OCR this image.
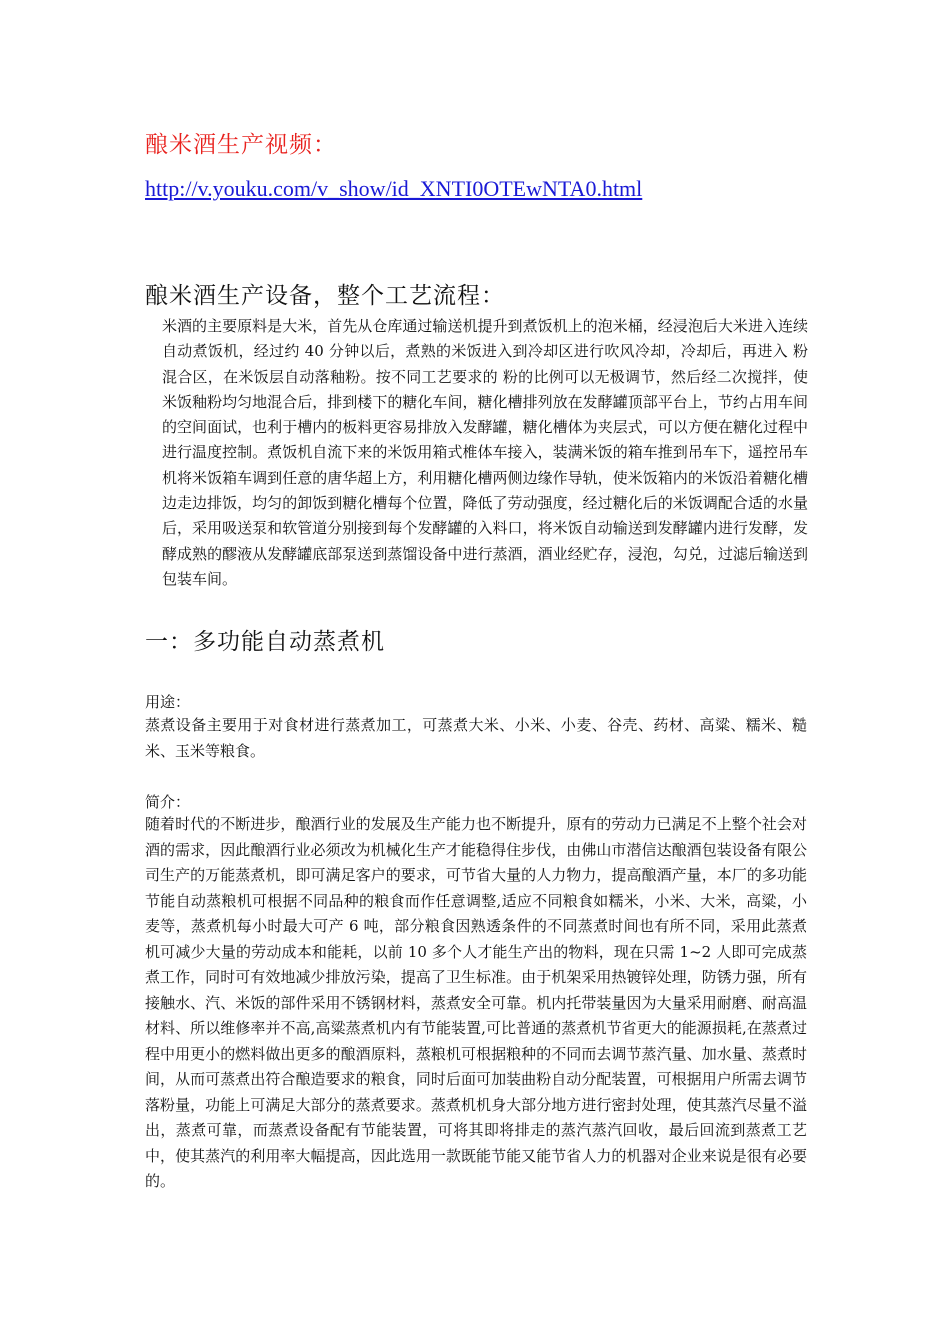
酿米酒生产视频：
http://v.youku.com/v_show/id_XNTI0OTEwNTA0.html
酿米酒生产设备，整个工艺流程：

米酒的主要原料是大米，首先从仓库通过输送机提升到煮饭机上的泡米桶，经浸泡后大米进入连续自动煮饭机，经过约 40 分钟以后，煮熟的米饭进入到冷却区进行吹风冷却，冷却后，再进入 粉混合区，在米饭层自动落釉粉。按不同工艺要求的 粉的比例可以无极调节，然后经二次搅拌，使米饭釉粉均匀地混合后，排到楼下的糖化车间，糖化槽排列放在发酵罐顶部平台上，节约占用车间的空间面试，也利于槽内的板料更容易排放入发酵罐，糖化槽体为夹层式，可以方便在糖化过程中进行温度控制。煮饭机自流下来的米饭用箱式椎体车接入，装满米饭的箱车推到吊车下，遥控吊车机将米饭箱车调到任意的唐华超上方，利用糖化槽两侧边缘作导轨，使米饭箱内的米饭沿着糖化槽边走边排饭，均匀的卸饭到糖化槽每个位置，降低了劳动强度，经过糖化后的米饭调配合适的水量后，采用吸送泵和软管道分别接到每个发酵罐的入料口，将米饭自动输送到发酵罐内进行发酵，发酵成熟的醪液从发酵罐底部泵送到蒸馏设备中进行蒸酒，酒业经贮存，浸泡，勾兑，过滤后输送到包装车间。

一：多功能自动蒸煮机
用途：

蒸煮设备主要用于对食材进行蒸煮加工，可蒸煮大米、小米、小麦、谷壳、药材、高粱、糯米、糙米、玉米等粮食。

简介：

随着时代的不断进步，酿酒行业的发展及生产能力也不断提升，原有的劳动力已满足不上整个社会对酒的需求，因此酿酒行业必须改为机械化生产才能稳得住步伐，由佛山市潜信达酿酒包装设备有限公司生产的万能蒸煮机，即可满足客户的要求，可节省大量的人力物力，提高酿酒产量，本厂的多功能节能自动蒸粮机可根据不同品种的粮食而作任意调整,适应不同粮食如糯米，小米、大米，高粱，小麦等，蒸煮机每小时最大可产 6 吨，部分粮食因熟透条件的不同蒸煮时间也有所不同，采用此蒸煮机可减少大量的劳动成本和能耗，以前 10 多个人才能生产出的物料，现在只需 1~2 人即可完成蒸煮工作，同时可有效地减少排放污染，提高了卫生标准。由于机架采用热镀锌处理，防锈力强，所有接触水、汽、米饭的部件采用不锈钢材料，蒸煮安全可靠。机内托带装量因为大量采用耐磨、耐高温材料、所以维修率并不高,高粱蒸煮机内有节能装置,可比普通的蒸煮机节省更大的能源损耗,在蒸煮过程中用更小的燃料做出更多的酿酒原料，蒸粮机可根据粮种的不同而去调节蒸汽量、加水量、蒸煮时间，从而可蒸煮出符合酿造要求的粮食，同时后面可加装曲粉自动分配装置，可根据用户所需去调节落粉量，功能上可满足大部分的蒸煮要求。蒸煮机机身大部分地方进行密封处理，使其蒸汽尽量不溢出，蒸煮可靠，而蒸煮设备配有节能装置，可将其即将排走的蒸汽蒸汽回收，最后回流到蒸煮工艺中，使其蒸汽的利用率大幅提高，因此选用一款既能节能又能节省人力的机器对企业来说是很有必要的。
